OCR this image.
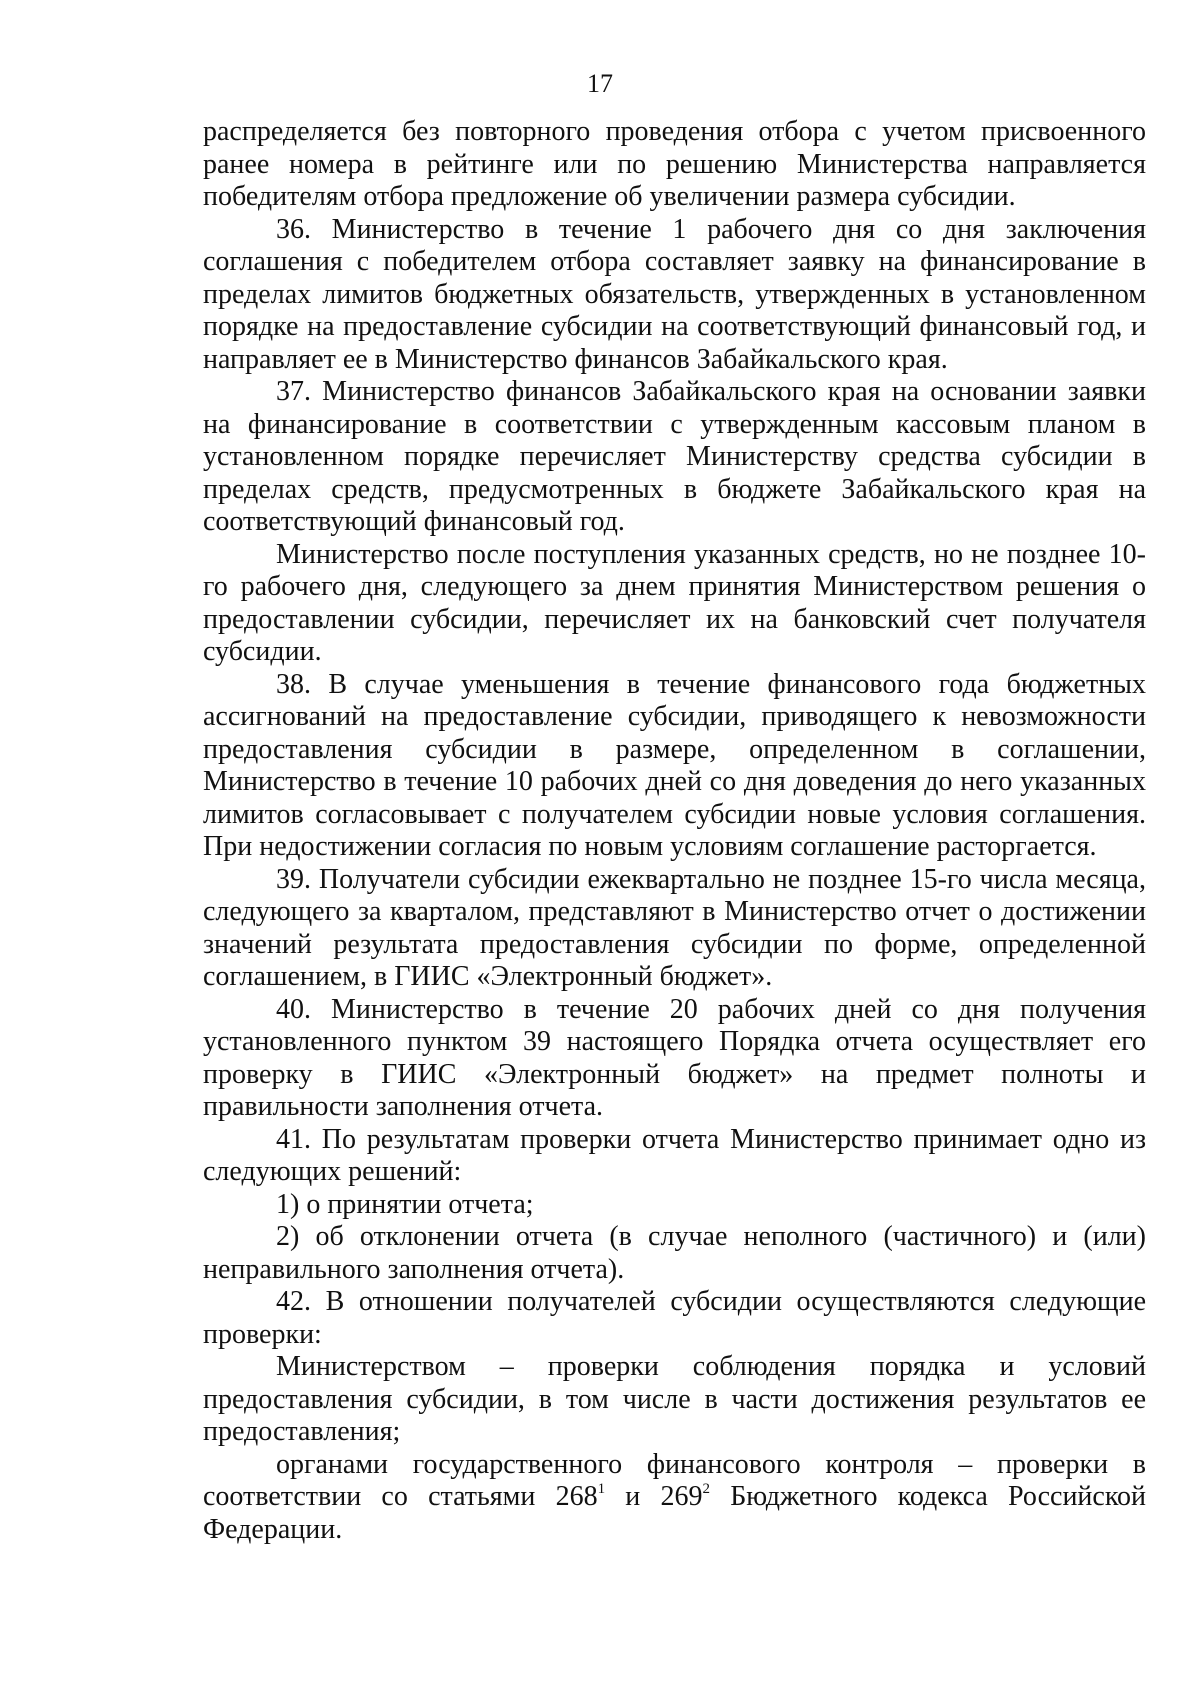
17

распределяется без повторного проведения отбора с учетом присвоенного ранее номера в рейтинге или по решению Министерства направляется победителям отбора предложение об увеличении размера субсидии.

36. Министерство в течение 1 рабочего дня со дня заключения соглашения с победителем отбора составляет заявку на финансирование в пределах лимитов бюджетных обязательств, утвержденных в установленном порядке на предоставление субсидии на соответствующий финансовый год, и направляет ее в Министерство финансов Забайкальского края.

37. Министерство финансов Забайкальского края на основании заявки на финансирование в соответствии с утвержденным кассовым планом в установленном порядке перечисляет Министерству средства субсидии в пределах средств, предусмотренных в бюджете Забайкальского края на соответствующий финансовый год.

Министерство после поступления указанных средств, но не позднее 10-го рабочего дня, следующего за днем принятия Министерством решения о предоставлении субсидии, перечисляет их на банковский счет получателя субсидии.

38. В случае уменьшения в течение финансового года бюджетных ассигнований на предоставление субсидии, приводящего к невозможности предоставления субсидии в размере, определенном в соглашении, Министерство в течение 10 рабочих дней со дня доведения до него указанных лимитов согласовывает с получателем субсидии новые условия соглашения. При недостижении согласия по новым условиям соглашение расторгается.

39. Получатели субсидии ежеквартально не позднее 15-го числа месяца, следующего за кварталом, представляют в Министерство отчет о достижении значений результата предоставления субсидии по форме, определенной соглашением, в ГИИС «Электронный бюджет».

40. Министерство в течение 20 рабочих дней со дня получения установленного пунктом 39 настоящего Порядка отчета осуществляет его проверку в ГИИС «Электронный бюджет» на предмет полноты и правильности заполнения отчета.

41. По результатам проверки отчета Министерство принимает одно из следующих решений:

1) о принятии отчета;

2) об отклонении отчета (в случае неполного (частичного) и (или) неправильного заполнения отчета).

42. В отношении получателей субсидии осуществляются следующие проверки:

Министерством – проверки соблюдения порядка и условий предоставления субсидии, в том числе в части достижения результатов ее предоставления;

органами государственного финансового контроля – проверки в соответствии со статьями $268^1$ и $269^2$ Бюджетного кодекса Российской Федерации.
